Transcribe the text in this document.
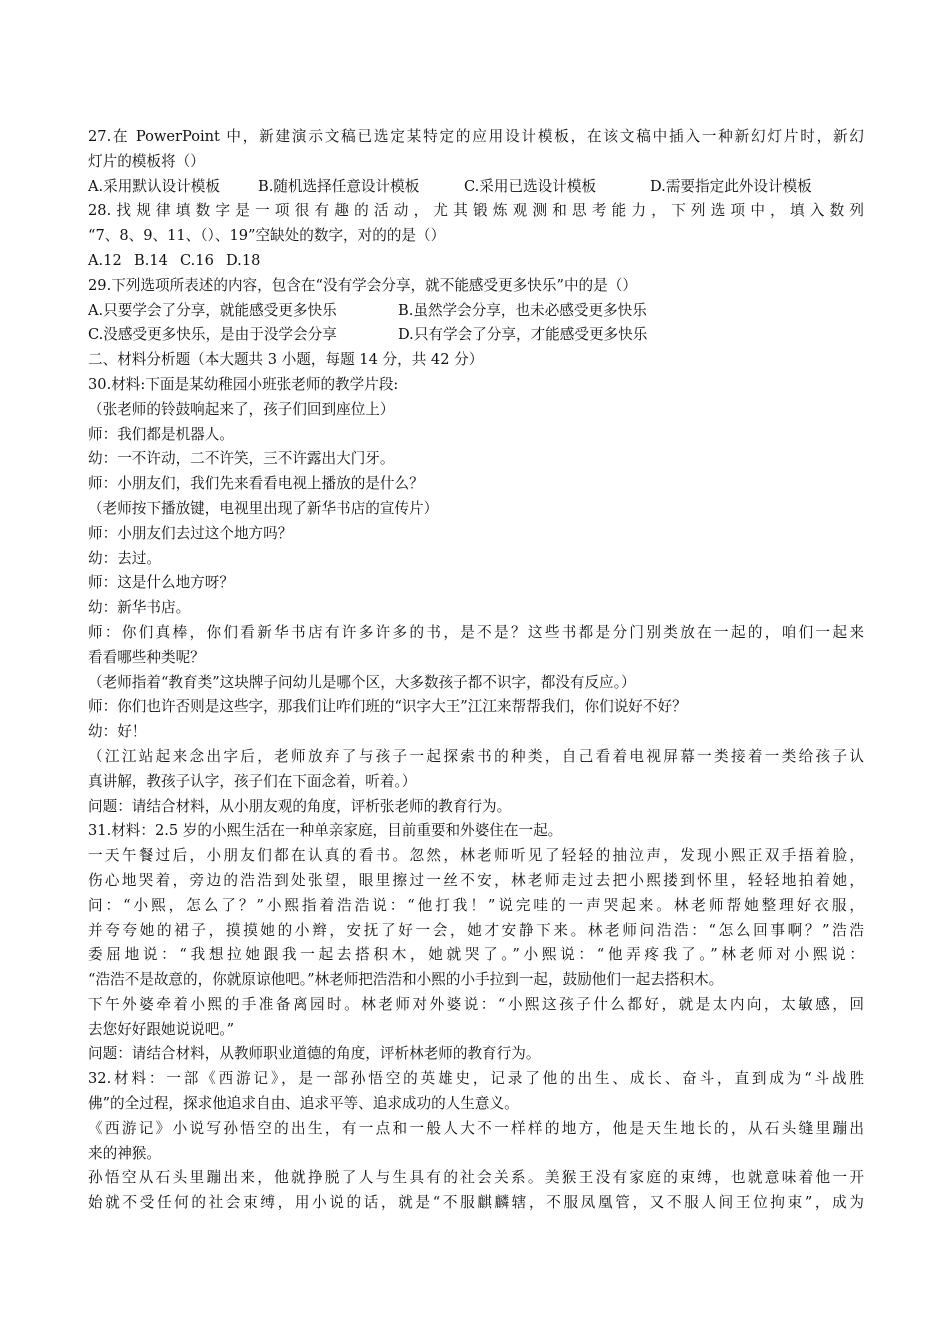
27.在 PowerPoint 中，新建演示文稿已选定某特定的应用设计模板，在该文稿中插入一种新幻灯片时，新幻
灯片的模板将（）
A.采用默认设计模板	B.随机选择任意设计模板	C.采用已选设计模板	D.需要指定此外设计模板
28.找规律填数字是一项很有趣的活动，尤其锻炼观测和思考能力，下列选项中，填入数列
“7、8、9、11、（）、19”空缺处的数字，对的的是（）
A.12 B.14 C.16 D.18
29.下列选项所表述的内容，包含在“没有学会分享，就不能感受更多快乐”中的是（）
A.只要学会了分享，就能感受更多快乐	B.虽然学会分享，也未必感受更多快乐
C.没感受更多快乐，是由于没学会分享	D.只有学会了分享，才能感受更多快乐
二、材料分析题（本大题共 3 小题，每题 14 分，共 42 分）
30.材料:下面是某幼稚园小班张老师的教学片段:
（张老师的铃鼓响起来了，孩子们回到座位上）
师：我们都是机器人。
幼：一不许动，二不许笑，三不许露出大门牙。
师：小朋友们，我们先来看看电视上播放的是什么？
（老师按下播放键，电视里出现了新华书店的宣传片）
师：小朋友们去过这个地方吗？
幼：去过。
师：这是什么地方呀？
幼：新华书店。
师：你们真棒，你们看新华书店有许多许多的书，是不是？这些书都是分门别类放在一起的，咱们一起来
看看哪些种类呢？
（老师指着“教育类”这块牌子问幼儿是哪个区，大多数孩子都不识字，都没有反应。）
师：你们也许否则是这些字，那我们让咋们班的“识字大王”江江来帮帮我们，你们说好不好？
幼：好！
（江江站起来念出字后，老师放弃了与孩子一起探索书的种类，自己看着电视屏幕一类接着一类给孩子认
真讲解，教孩子认字，孩子们在下面念着，听着。）
问题：请结合材料，从小朋友观的角度，评析张老师的教育行为。
31.材料：2.5 岁的小熙生活在一种单亲家庭，目前重要和外婆住在一起。
一天午餐过后，小朋友们都在认真的看书。忽然，林老师听见了轻轻的抽泣声，发现小熙正双手捂着脸，
伤心地哭着，旁边的浩浩到处张望，眼里擦过一丝不安，林老师走过去把小熙搂到怀里，轻轻地拍着她，
问：“小熙，怎么了？”小熙指着浩浩说：“他打我！”说完哇的一声哭起来。林老师帮她整理好衣服，
并夸夸她的裙子，摸摸她的小辫，安抚了好一会，她才安静下来。林老师问浩浩：“怎么回事啊？”浩浩
委屈地说：“我想拉她跟我一起去搭积木，她就哭了。”小熙说：“他弄疼我了。”林老师对小熙说：
“浩浩不是故意的，你就原谅他吧。”林老师把浩浩和小熙的小手拉到一起，鼓励他们一起去搭积木。
下午外婆牵着小熙的手准备离园时。林老师对外婆说：“小熙这孩子什么都好，就是太内向，太敏感，回
去您好好跟她说说吧。”
问题：请结合材料，从教师职业道德的角度，评析林老师的教育行为。
32.材料：一部《西游记》，是一部孙悟空的英雄史，记录了他的出生、成长、奋斗，直到成为“斗战胜
佛”的全过程，探求他追求自由、追求平等、追求成功的人生意义。
《西游记》小说写孙悟空的出生，有一点和一般人大不一样样的地方，他是天生地长的，从石头缝里蹦出
来的神猴。
孙悟空从石头里蹦出来，他就挣脱了人与生具有的社会关系。美猴王没有家庭的束缚，也就意味着他一开
始就不受任何的社会束缚，用小说的话，就是“不服麒麟辖，不服凤凰管，又不服人间王位拘束”，成为
